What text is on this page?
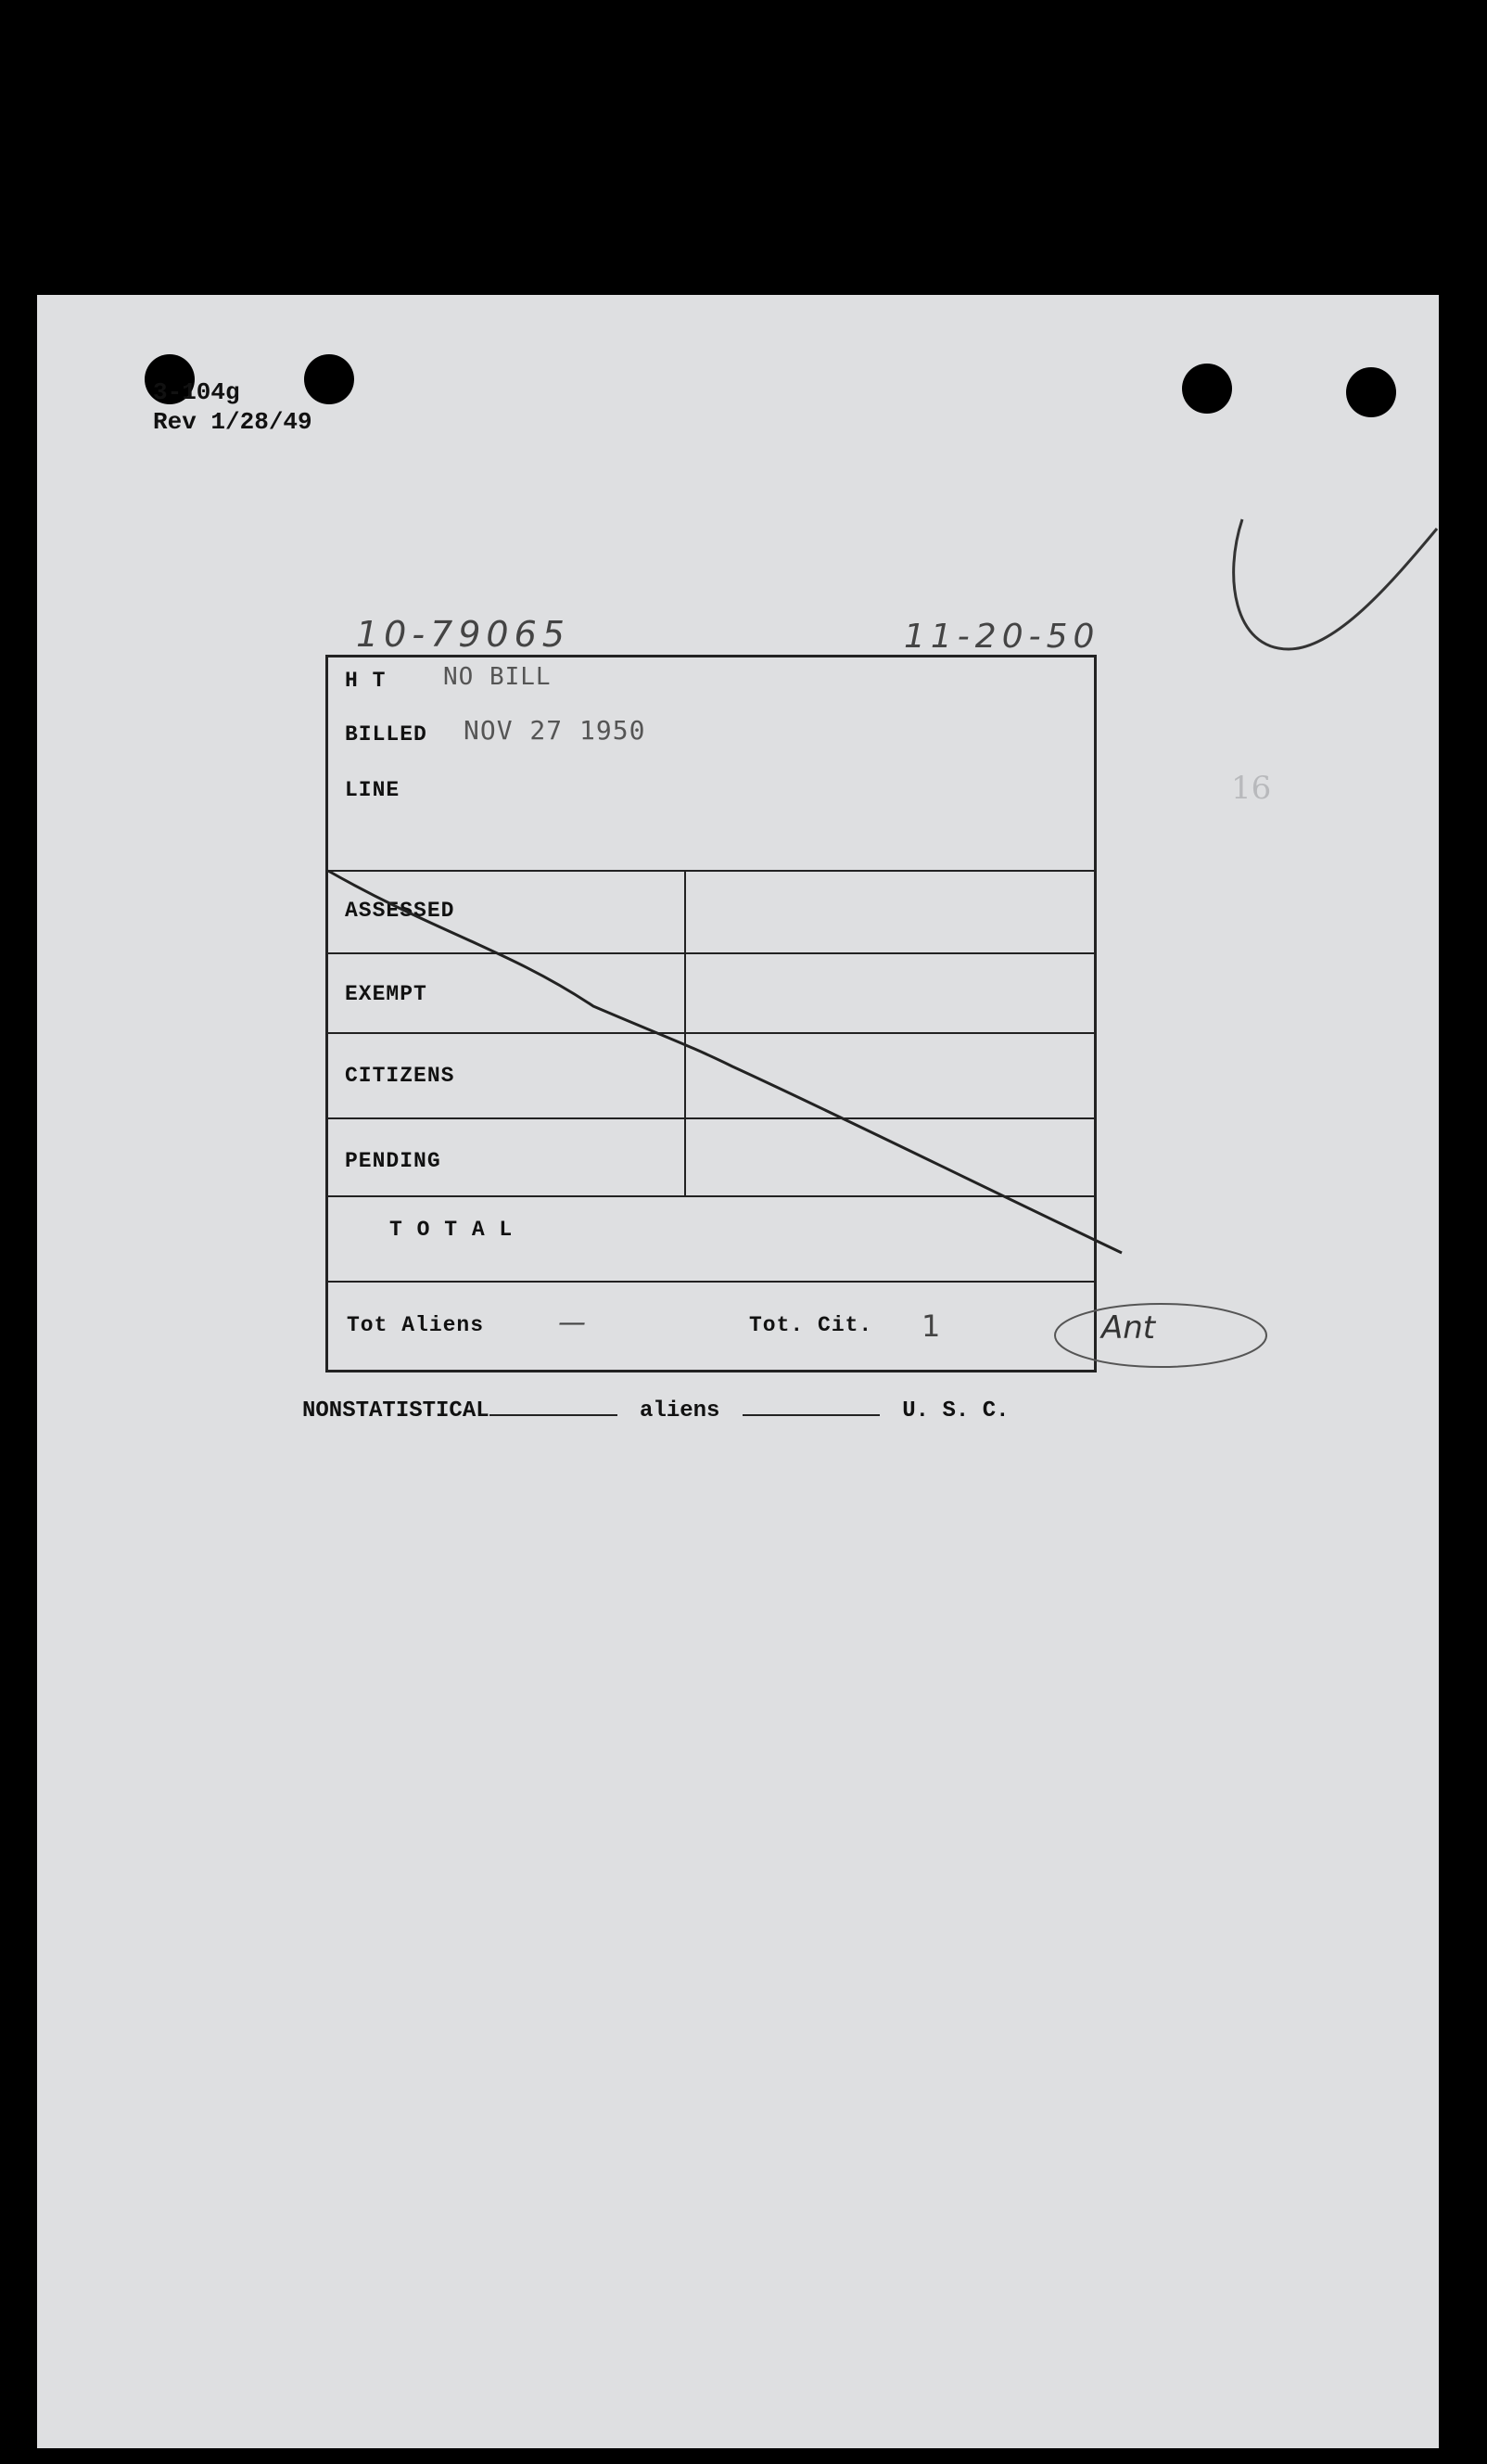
3-104g
Rev 1/28/49
10-79065	11-20-50
16
H T NO BILL
BILLED NOV 27 1950
LINE
ASSESSED
EXEMPT
CITIZENS
PENDING
T O T A L
Tot Aliens	—	Tot. Cit. 1	Ant
NONSTATISTICAL	aliens	U. S. C.
